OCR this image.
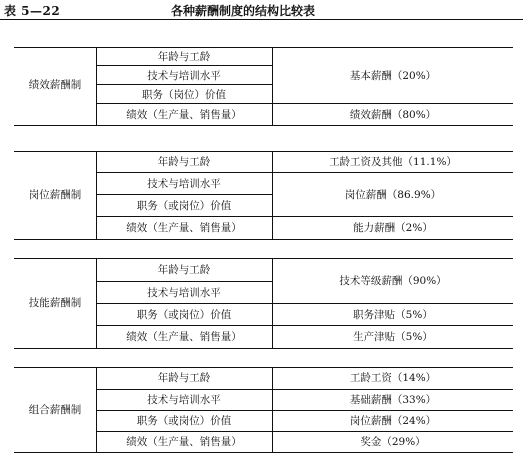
表 5—22	各种薪酬制度的结构比较表
绩效薪酬制
年龄与工龄
技术与培训水平
职务（岗位）价值
绩效（生产量、销售量）
基本薪酬（20%）
绩效薪酬（80%）
岗位薪酬制
年龄与工龄
技术与培训水平
职务（或岗位）价值
绩效（生产量、销售量）
工龄工资及其他（11.1%）
岗位薪酬（86.9%）
能力薪酬（2%）
技能薪酬制
年龄与工龄
技术与培训水平
职务（或岗位）价值
绩效（生产量、销售量）
技术等级薪酬（90%）
职务津贴（5%）
生产津贴（5%）
组合薪酬制
年龄与工龄
技术与培训水平
职务（或岗位）价值
绩效（生产量、销售量）
工龄工资（14%）
基础薪酬（33%）
岗位薪酬（24%）
奖金（29%）
